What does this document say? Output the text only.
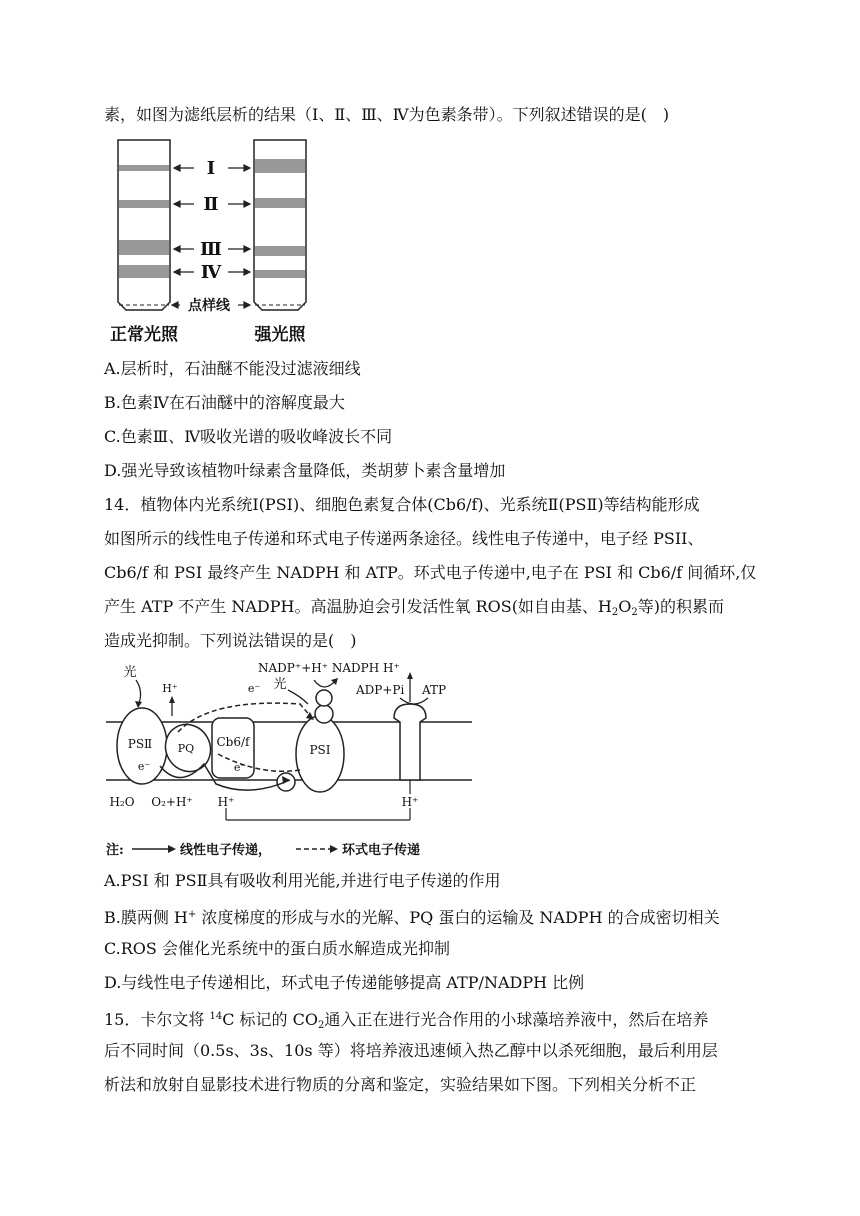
素，如图为滤纸层析的结果（Ⅰ、Ⅱ、Ⅲ、Ⅳ为色素条带）。下列叙述错误的是(　)
Ⅰ
Ⅱ
Ⅲ
Ⅳ
点样线
正常光照	强光照
A.层析时，石油醚不能没过滤液细线
B.色素Ⅳ在石油醚中的溶解度最大
C.色素Ⅲ、Ⅳ吸收光谱的吸收峰波长不同
D.强光导致该植物叶绿素含量降低，类胡萝卜素含量增加
14．植物体内光系统Ⅰ(PSⅠ)、细胞色素复合体(Cb6/f)、光系统Ⅱ(PSⅡ)等结构能形成
如图所示的线性电子传递和环式电子传递两条途径。线性电子传递中，电子经 PSII、
Cb6/f 和 PSI 最终产生 NADPH 和 ATP。环式电子传递中,电子在 PSI 和 Cb6/f 间循环,仅
产生 ATP 不产生 NADPH。高温胁迫会引发活性氧 ROS(如自由基、$H_2O_2$等)的积累而
造成光抑制。下列说法错误的是(　)
PSⅡ
e⁻
PQ Cb6/f
e⁻
PSⅠ
H⁺
光
e⁻ 光
NADP⁺+H⁺ NADPH H⁺
ADP+Pi ATP
H₂O O₂+H⁺ H⁺	H⁺
注:	线性电子传递，	环式电子传递
A.PSI 和 PSⅡ具有吸收利用光能,并进行电子传递的作用
B.膜两侧 H+ 浓度梯度的形成与水的光解、PQ 蛋白的运输及 NADPH 的合成密切相关
C.ROS 会催化光系统中的蛋白质水解造成光抑制
D.与线性电子传递相比，环式电子传递能够提高 ATP/NADPH 比例
15．卡尔文将 $^{14}$C 标记的 $CO_2$通入正在进行光合作用的小球藻培养液中，然后在培养
后不同时间（0.5s、3s、10s 等）将培养液迅速倾入热乙醇中以杀死细胞，最后利用层
析法和放射自显影技术进行物质的分离和鉴定，实验结果如下图。下列相关分析不正
